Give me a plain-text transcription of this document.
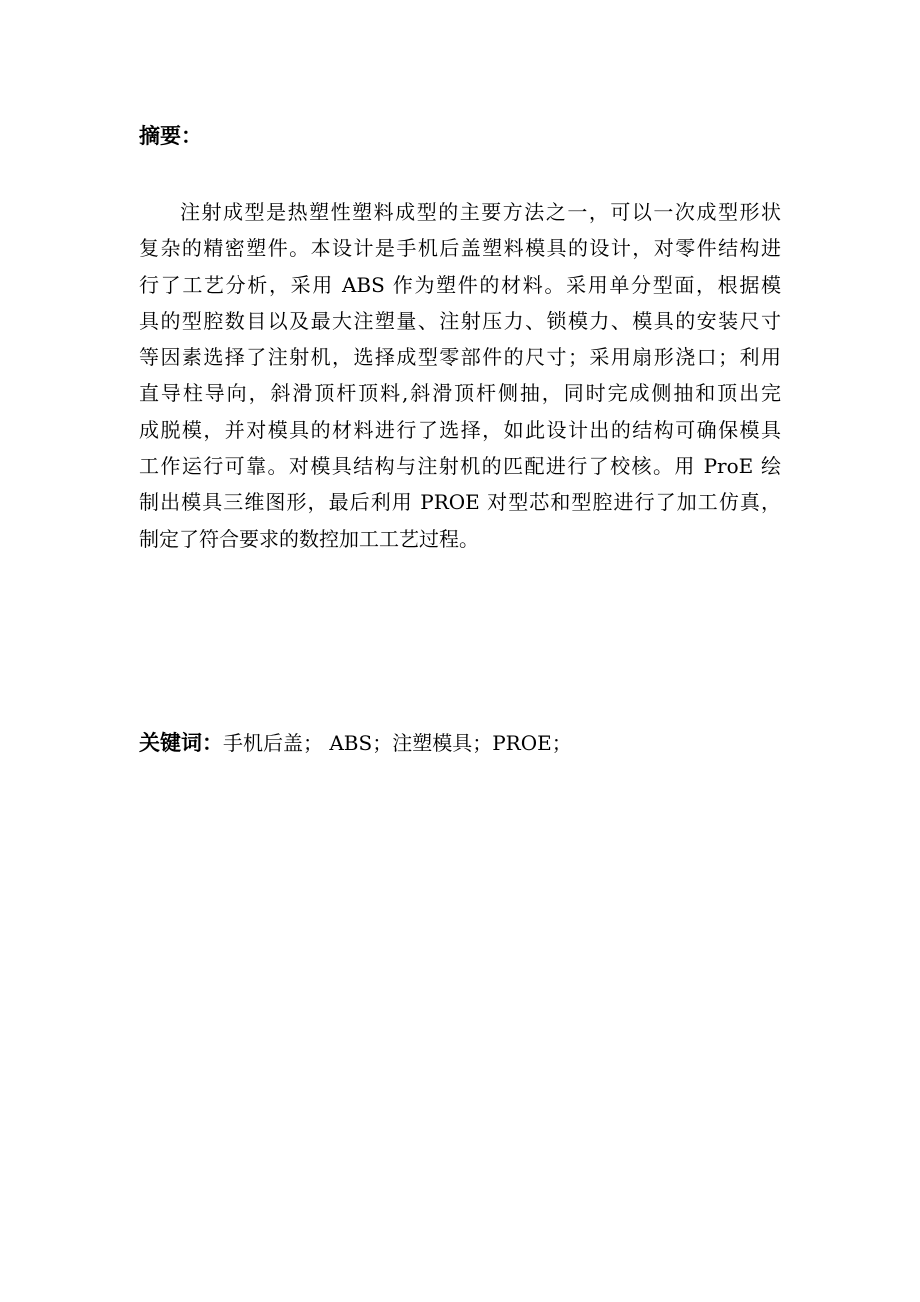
摘要：
注射成型是热塑性塑料成型的主要方法之一，可以一次成型形状
复杂的精密塑件。本设计是手机后盖塑料模具的设计，对零件结构进
行了工艺分析，采用 ABS 作为塑件的材料。采用单分型面，根据模
具的型腔数目以及最大注塑量、注射压力、锁模力、模具的安装尺寸
等因素选择了注射机，选择成型零部件的尺寸；采用扇形浇口；利用
直导柱导向，斜滑顶杆顶料,斜滑顶杆侧抽，同时完成侧抽和顶出完
成脱模，并对模具的材料进行了选择，如此设计出的结构可确保模具
工作运行可靠。对模具结构与注射机的匹配进行了校核。用 ProE 绘
制出模具三维图形，最后利用 PROE 对型芯和型腔进行了加工仿真，
制定了符合要求的数控加工工艺过程。
关键词：手机后盖； ABS；注塑模具；PROE；
